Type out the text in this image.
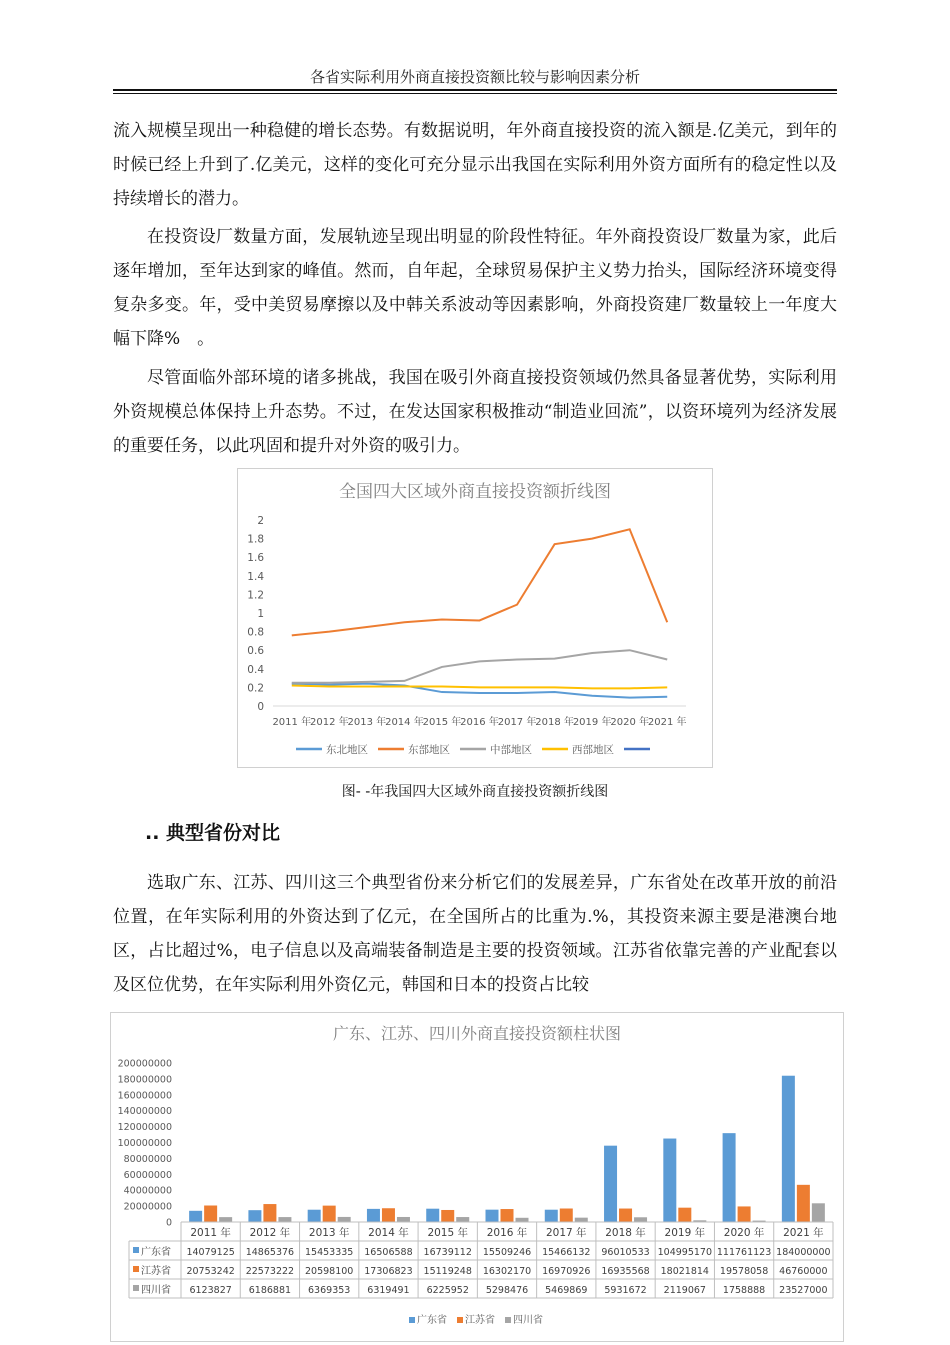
各省实际利用外商直接投资额比较与影响因素分析

流入规模呈现出一种稳健的增长态势。有数据说明，年外商直接投资的流入额是.亿美元，到年的时候已经上升到了.亿美元，这样的变化可充分显示出我国在实际利用外资方面所有的稳定性以及持续增长的潜力。

在投资设厂数量方面，发展轨迹呈现出明显的阶段性特征。年外商投资设厂数量为家，此后逐年增加，至年达到家的峰值。然而，自年起，全球贸易保护主义势力抬头，国际经济环境变得复杂多变。年，受中美贸易摩擦以及中韩关系波动等因素影响，外商投资建厂数量较上一年度大幅下降%　。

尽管面临外部环境的诸多挑战，我国在吸引外商直接投资领域仍然具备显著优势，实际利用外资规模总体保持上升态势。不过，在发达国家积极推动“制造业回流”，以资环境列为经济发展的重要任务，以此巩固和提升对外资的吸引力。

全国四大区域外商直接投资额折线图
0
0.2
0.4
0.6
0.8
1
1.2
1.4
1.6
1.8
2
2011 年
2012 年
2013 年
2014 年
2015 年
2016 年
2017 年
2018 年
2019 年
2020 年
2021 年
东北地区	东部地区	中部地区	西部地区
图- -年我国四大区域外商直接投资额折线图
.. 典型省份对比

选取广东、江苏、四川这三个典型省份来分析它们的发展差异，广东省处在改革开放的前沿位置，在年实际利用的外资达到了亿元，在全国所占的比重为.%，其投资来源主要是港澳台地区，占比超过%，电子信息以及高端装备制造是主要的投资领域。江苏省依靠完善的产业配套以及区位优势，在年实际利用外资亿元，韩国和日本的投资占比较

广东、江苏、四川外商直接投资额柱状图
0
20000000
40000000
60000000
80000000
100000000
120000000
140000000
160000000
180000000
200000000
2011 年 2012 年 2013 年 2014 年 2015 年 2016 年 2017 年 2018 年 2019 年 2020 年 2021 年
广东省 14079125 14865376 15453335 16506588 16739112 15509246 15466132 96010533 104995170 111761123 184000000
江苏省 20753242 22573222 20598100 17306823 15119248 16302170 16970926 16935568 18021814 19578058 46760000
四川省 6123827 6186881 6369353 6319491 6225952 5298476 5469869 5931672 2119067 1758888 23527000
广东省 江苏省 四川省
